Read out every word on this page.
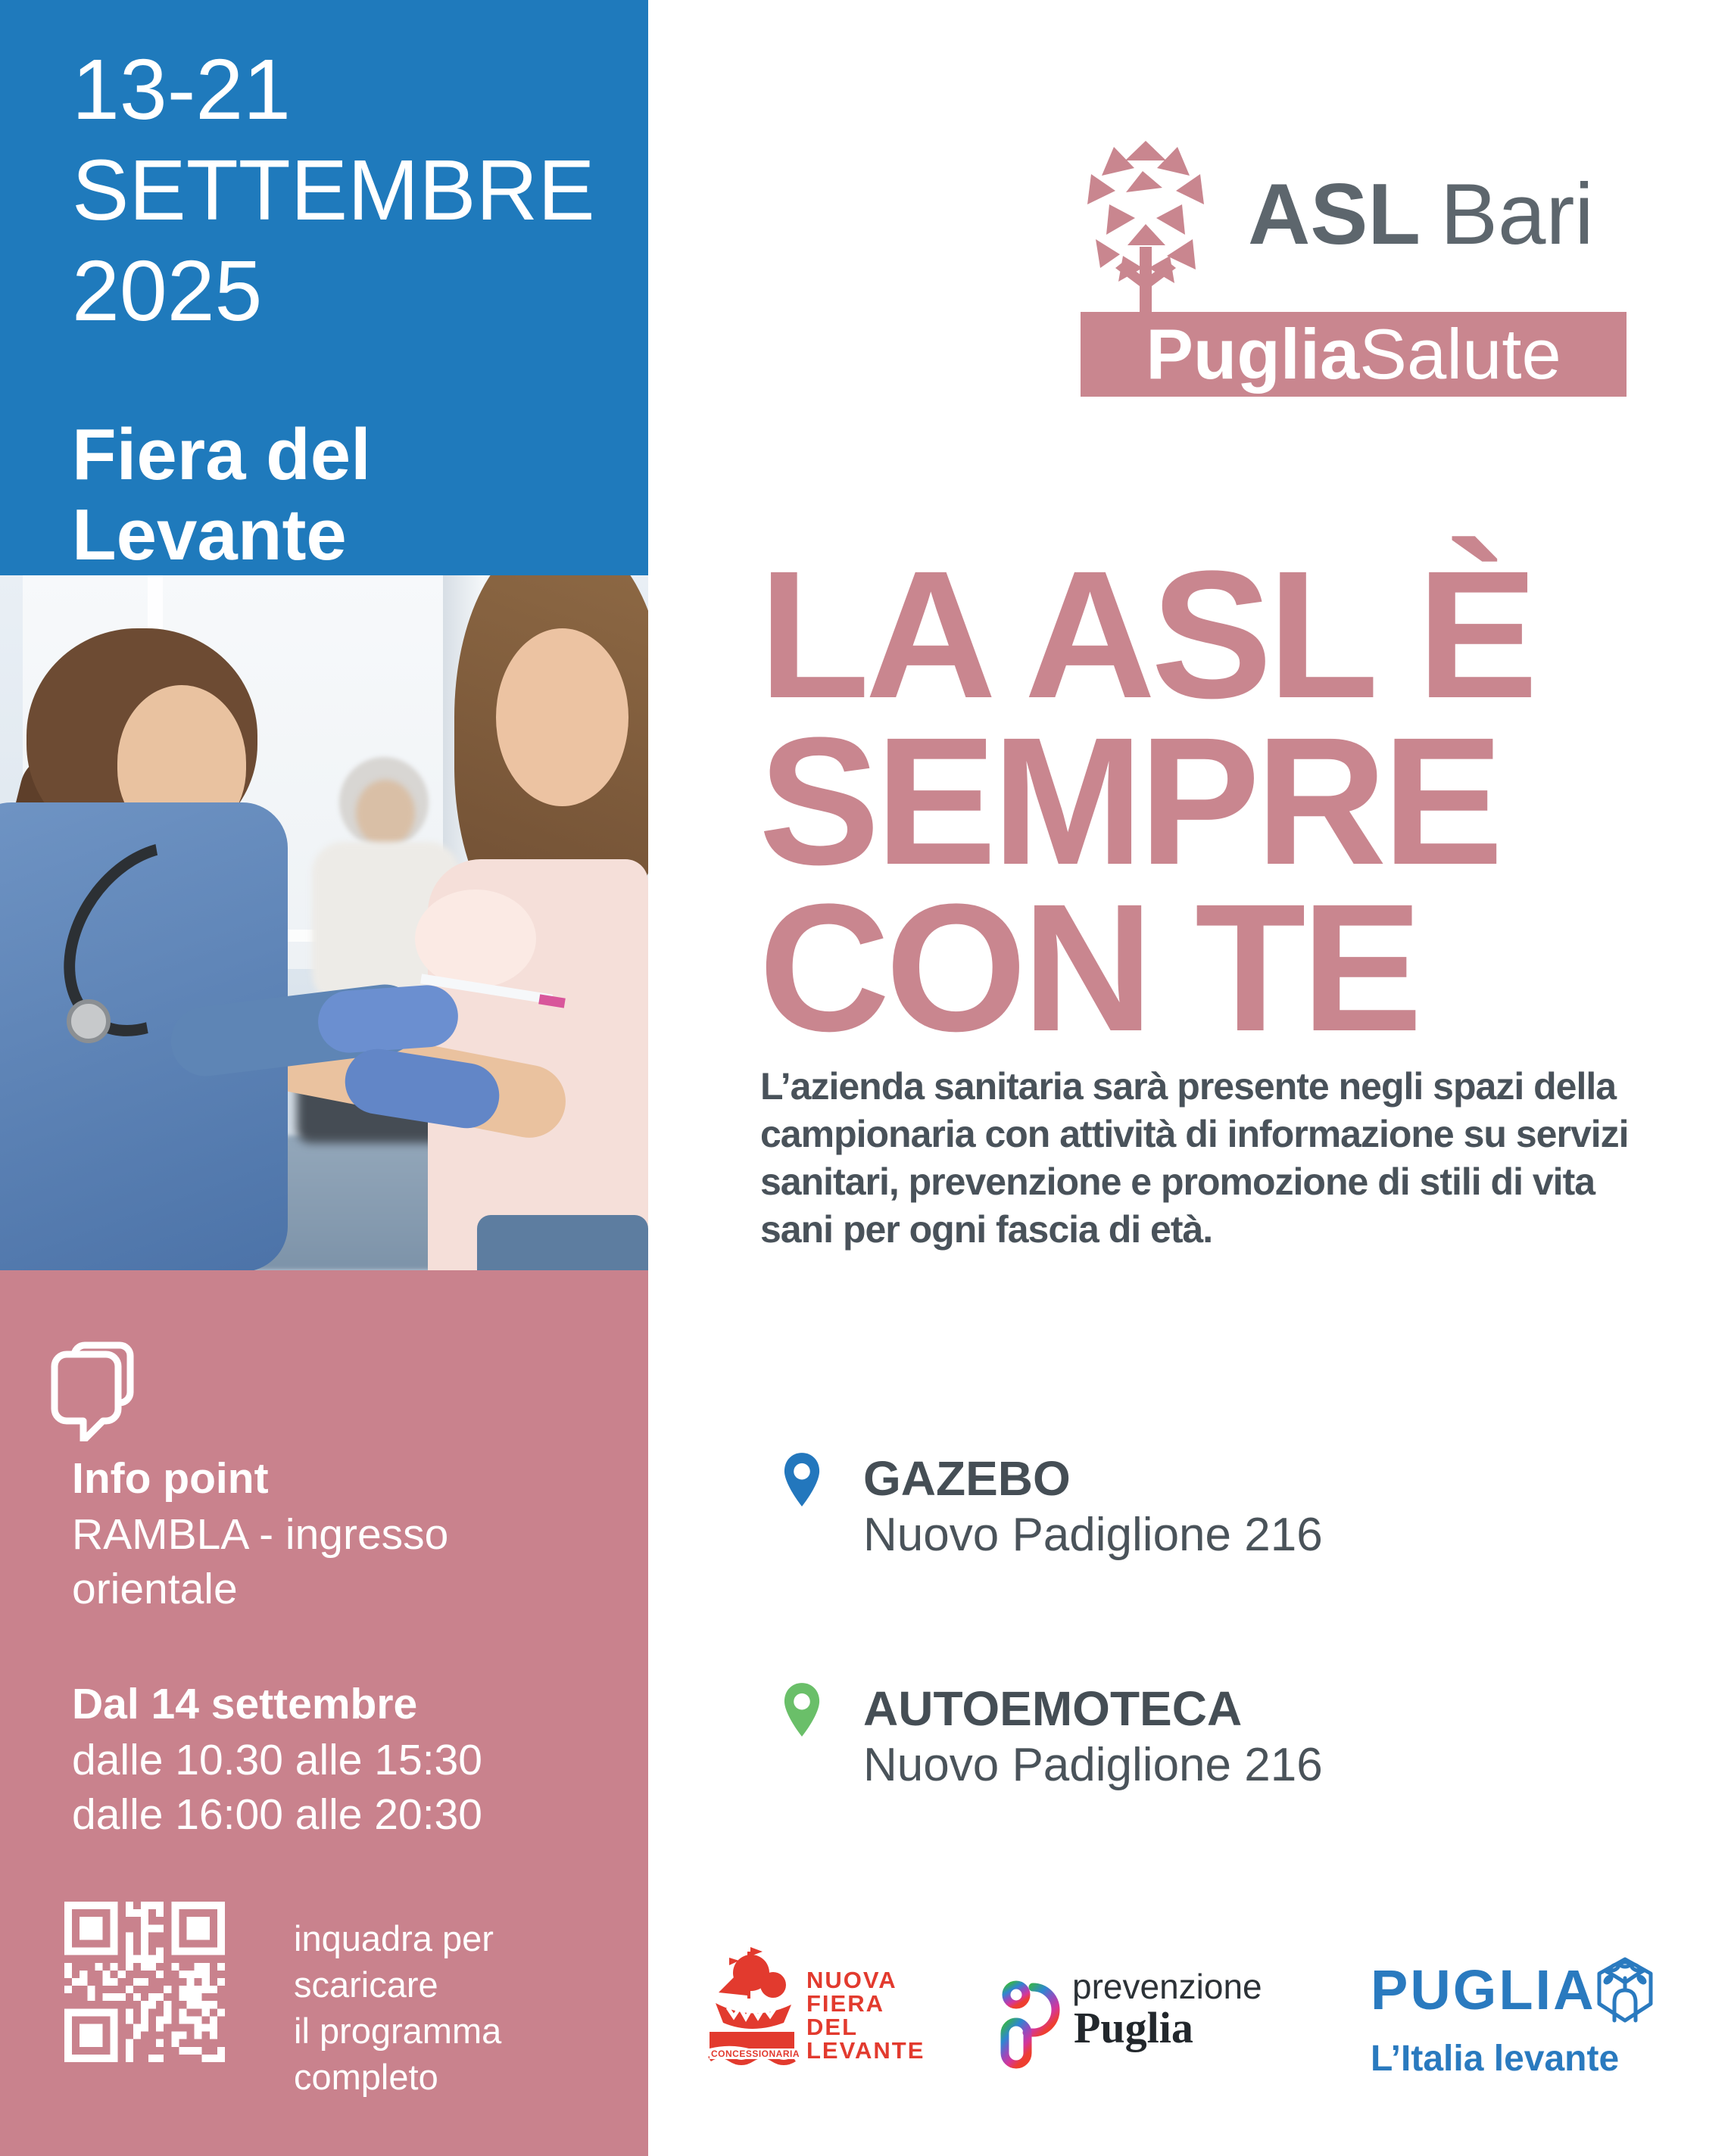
13-21
SETTEMBRE
2025
Fiera del
Levante
Info point
RAMBLA - ingresso
orientale
Dal 14 settembre
dalle 10.30 alle 15:30
dalle 16:00 alle 20:30
inquadra per
scaricare
il programma
completo
ASL Bari
Puglia Salute
LA ASL È
SEMPRE
CON TE
L’azienda sanitaria sarà presente negli spazi della campionaria con attività di informazione su servizi sanitari, prevenzione e promozione di stili di vita sani per ogni fascia di età.
GAZEBO
Nuovo Padiglione 216
AUTOEMOTECA
Nuovo Padiglione 216
NUOVA
FIERA
DEL
LEVANTE
CONCESSIONARIA
prevenzione
Puglia
PUGLIA
L’Italia levante
